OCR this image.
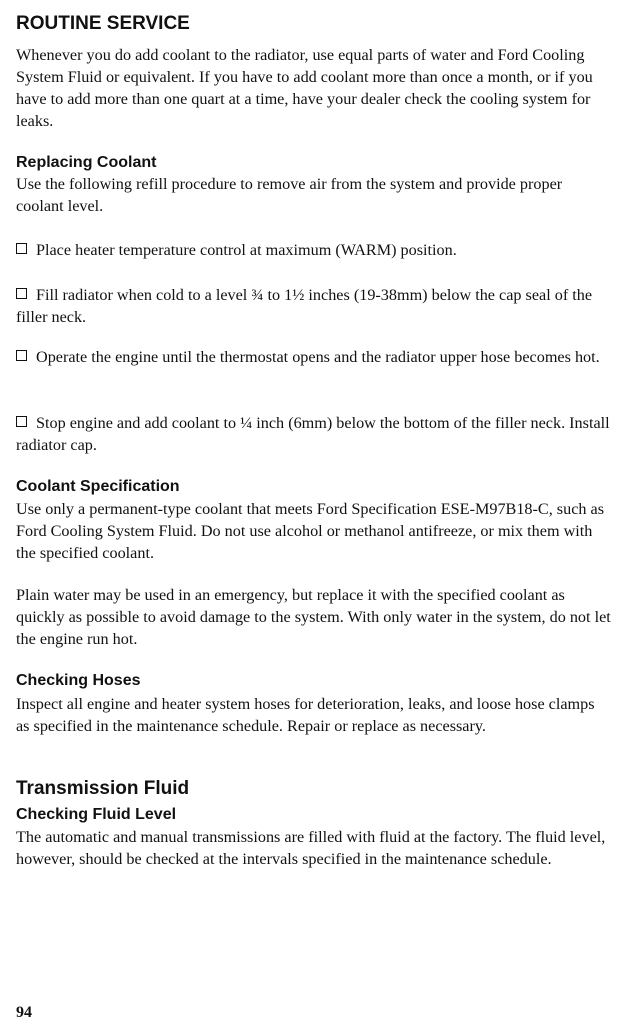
ROUTINE SERVICE

Whenever you do add coolant to the radiator, use equal parts of water and Ford Cooling System Fluid or equivalent. If you have to add coolant more than once a month, or if you have to add more than one quart at a time, have your dealer check the cooling system for leaks.

Replacing Coolant

Use the following refill procedure to remove air from the system and provide proper coolant level.

Place heater temperature control at maximum (WARM) position.

Fill radiator when cold to a level ¾ to 1½ inches (19-38mm) below the cap seal of the filler neck.

Operate the engine until the thermostat opens and the radiator upper hose becomes hot.

Stop engine and add coolant to ¼ inch (6mm) below the bottom of the filler neck. Install radiator cap.

Coolant Specification

Use only a permanent-type coolant that meets Ford Specification ESE-M97B18-C, such as Ford Cooling System Fluid. Do not use alcohol or methanol antifreeze, or mix them with the specified coolant.

Plain water may be used in an emergency, but replace it with the specified coolant as quickly as possible to avoid damage to the system. With only water in the system, do not let the engine run hot.

Checking Hoses

Inspect all engine and heater system hoses for deterioration, leaks, and loose hose clamps as specified in the maintenance schedule. Repair or replace as necessary.

Transmission Fluid
Checking Fluid Level

The automatic and manual transmissions are filled with fluid at the factory. The fluid level, however, should be checked at the intervals specified in the maintenance schedule.

94
